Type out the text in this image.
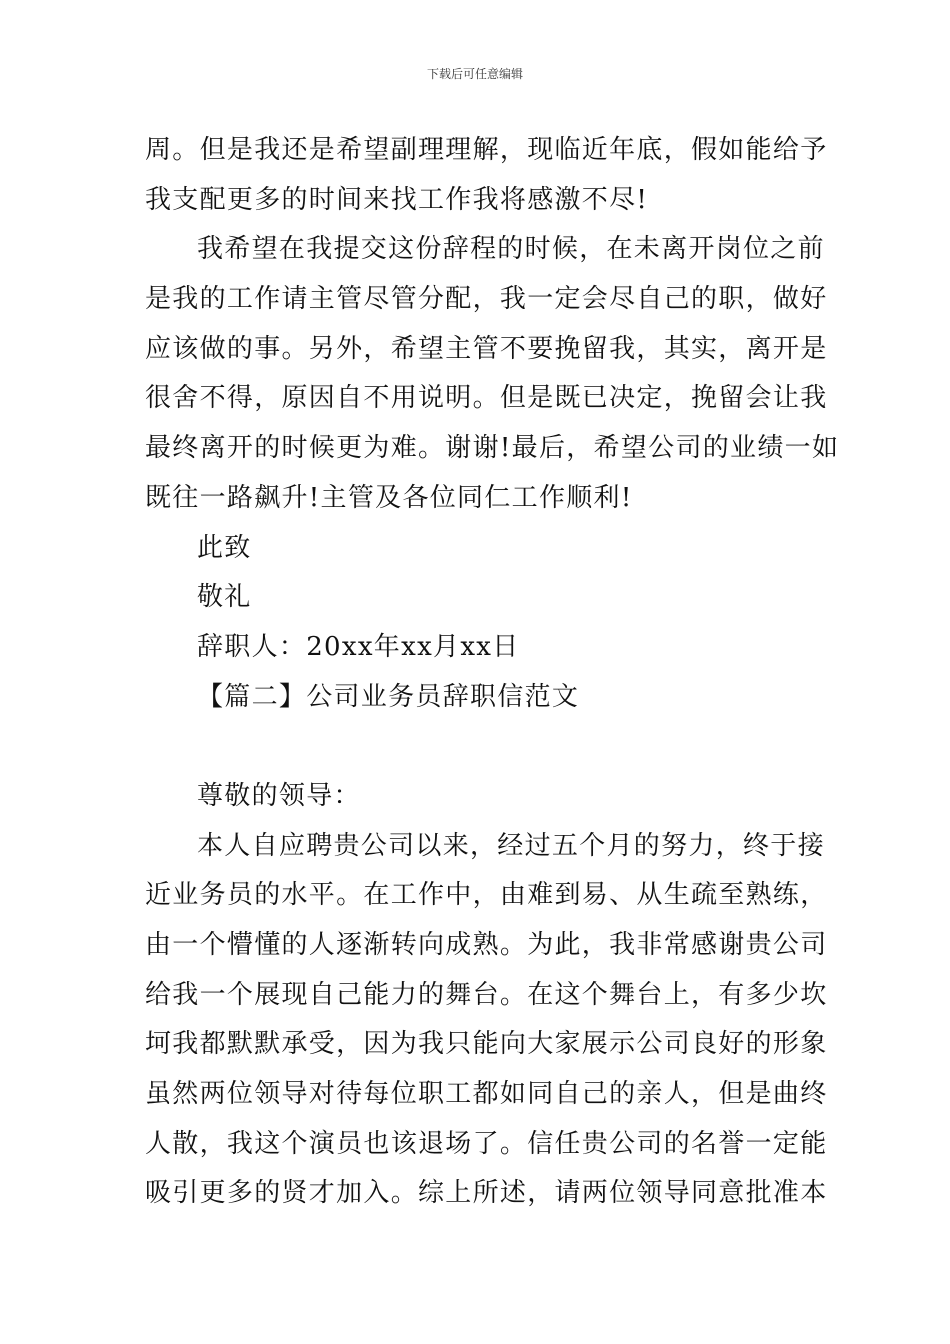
下载后可任意编辑
周。但是我还是希望副理理解，现临近年底，假如能给予
我支配更多的时间来找工作我将感激不尽!
我希望在我提交这份辞程的时候，在未离开岗位之前
是我的工作请主管尽管分配，我一定会尽自己的职，做好
应该做的事。另外，希望主管不要挽留我，其实，离开是
很舍不得，原因自不用说明。但是既已决定，挽留会让我
最终离开的时候更为难。谢谢!最后，希望公司的业绩一如
既往一路飙升!主管及各位同仁工作顺利!
此致
敬礼
辞职人：20xx年xx月xx日
【篇二】公司业务员辞职信范文
尊敬的领导：
本人自应聘贵公司以来，经过五个月的努力，终于接
近业务员的水平。在工作中，由难到易、从生疏至熟练，
由一个懵懂的人逐渐转向成熟。为此，我非常感谢贵公司
给我一个展现自己能力的舞台。在这个舞台上，有多少坎
坷我都默默承受，因为我只能向大家展示公司良好的形象
虽然两位领导对待每位职工都如同自己的亲人，但是曲终
人散，我这个演员也该退场了。信任贵公司的名誉一定能
吸引更多的贤才加入。综上所述，请两位领导同意批准本
